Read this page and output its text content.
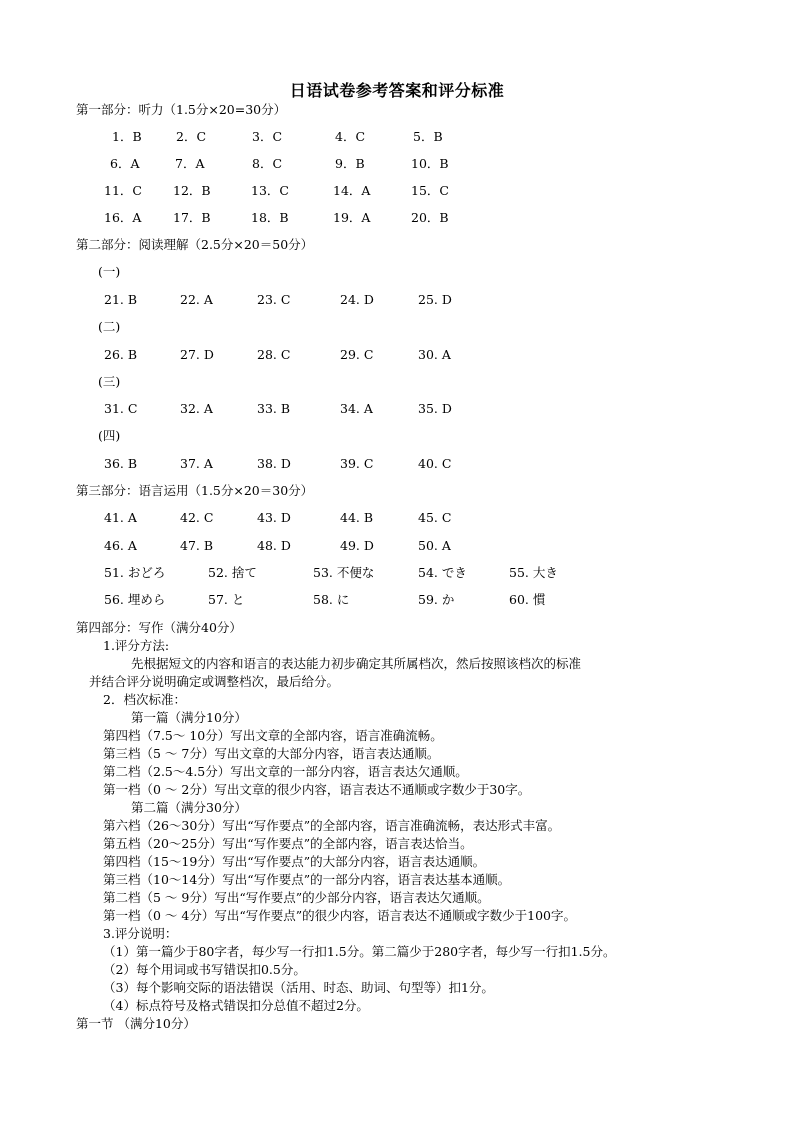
日语试卷参考答案和评分标准
第一部分：听力（1.5分×20=30分）
1．B	2．C	3．C	4．C	5．B
6．A	7．A	8．C	9．B	10．B
11．C 12．B	13．C	14．A	15．C
16．A	17．B	18．B	19．A	20．B
第二部分：阅读理解（2.5分×20＝50分）
(一)
21. B	22. A	23. C	24. D	25. D
(二)
26. B	27. D	28. C	29. C	30. A
(三)
31. C	32. A	33. B	34. A	35. D
(四)
36. B	37. A	38. D	39. C	40. C
第三部分：语言运用（1.5分×20＝30分）
41. A	42. C	43. D	44. B	45. C
46. A	47. B	48. D	49. D	50. A
51. おどろ	52. 捨て	53. 不便な	54. でき	55. 大き
56. 埋めら	57. と	58. に	59. か	60. 慣
第四部分：写作（满分40分）
1.评分方法:
先根据短文的内容和语言的表达能力初步确定其所属档次，然后按照该档次的标准
并结合评分说明确定或调整档次，最后给分。
2．档次标准：
第一篇（满分10分）
第四档（7.5～ 10分）写出文章的全部内容，语言准确流畅。
第三档（5 ～ 7分）写出文章的大部分内容，语言表达通顺。
第二档（2.5～4.5分）写出文章的一部分内容，语言表达欠通顺。
第一档（0 ～ 2分）写出文章的很少内容，语言表达不通顺或字数少于30字。
第二篇（满分30分）
第六档（26～30分）写出“写作要点”的全部内容，语言准确流畅，表达形式丰富。
第五档（20～25分）写出“写作要点”的全部内容，语言表达恰当。
第四档（15～19分）写出“写作要点”的大部分内容，语言表达通顺。
第三档（10～14分）写出“写作要点”的一部分内容，语言表达基本通顺。
第二档（5 ～ 9分）写出“写作要点”的少部分内容，语言表达欠通顺。
第一档（0 ～ 4分）写出“写作要点”的很少内容，语言表达不通顺或字数少于100字。
3.评分说明：
（1）第一篇少于80字者，每少写一行扣1.5分。第二篇少于280字者，每少写一行扣1.5分。
（2）每个用词或书写错误扣0.5分。
（3）每个影响交际的语法错误（活用、时态、助词、句型等）扣1分。
（4）标点符号及格式错误扣分总值不超过2分。
第一节 （满分10分）
